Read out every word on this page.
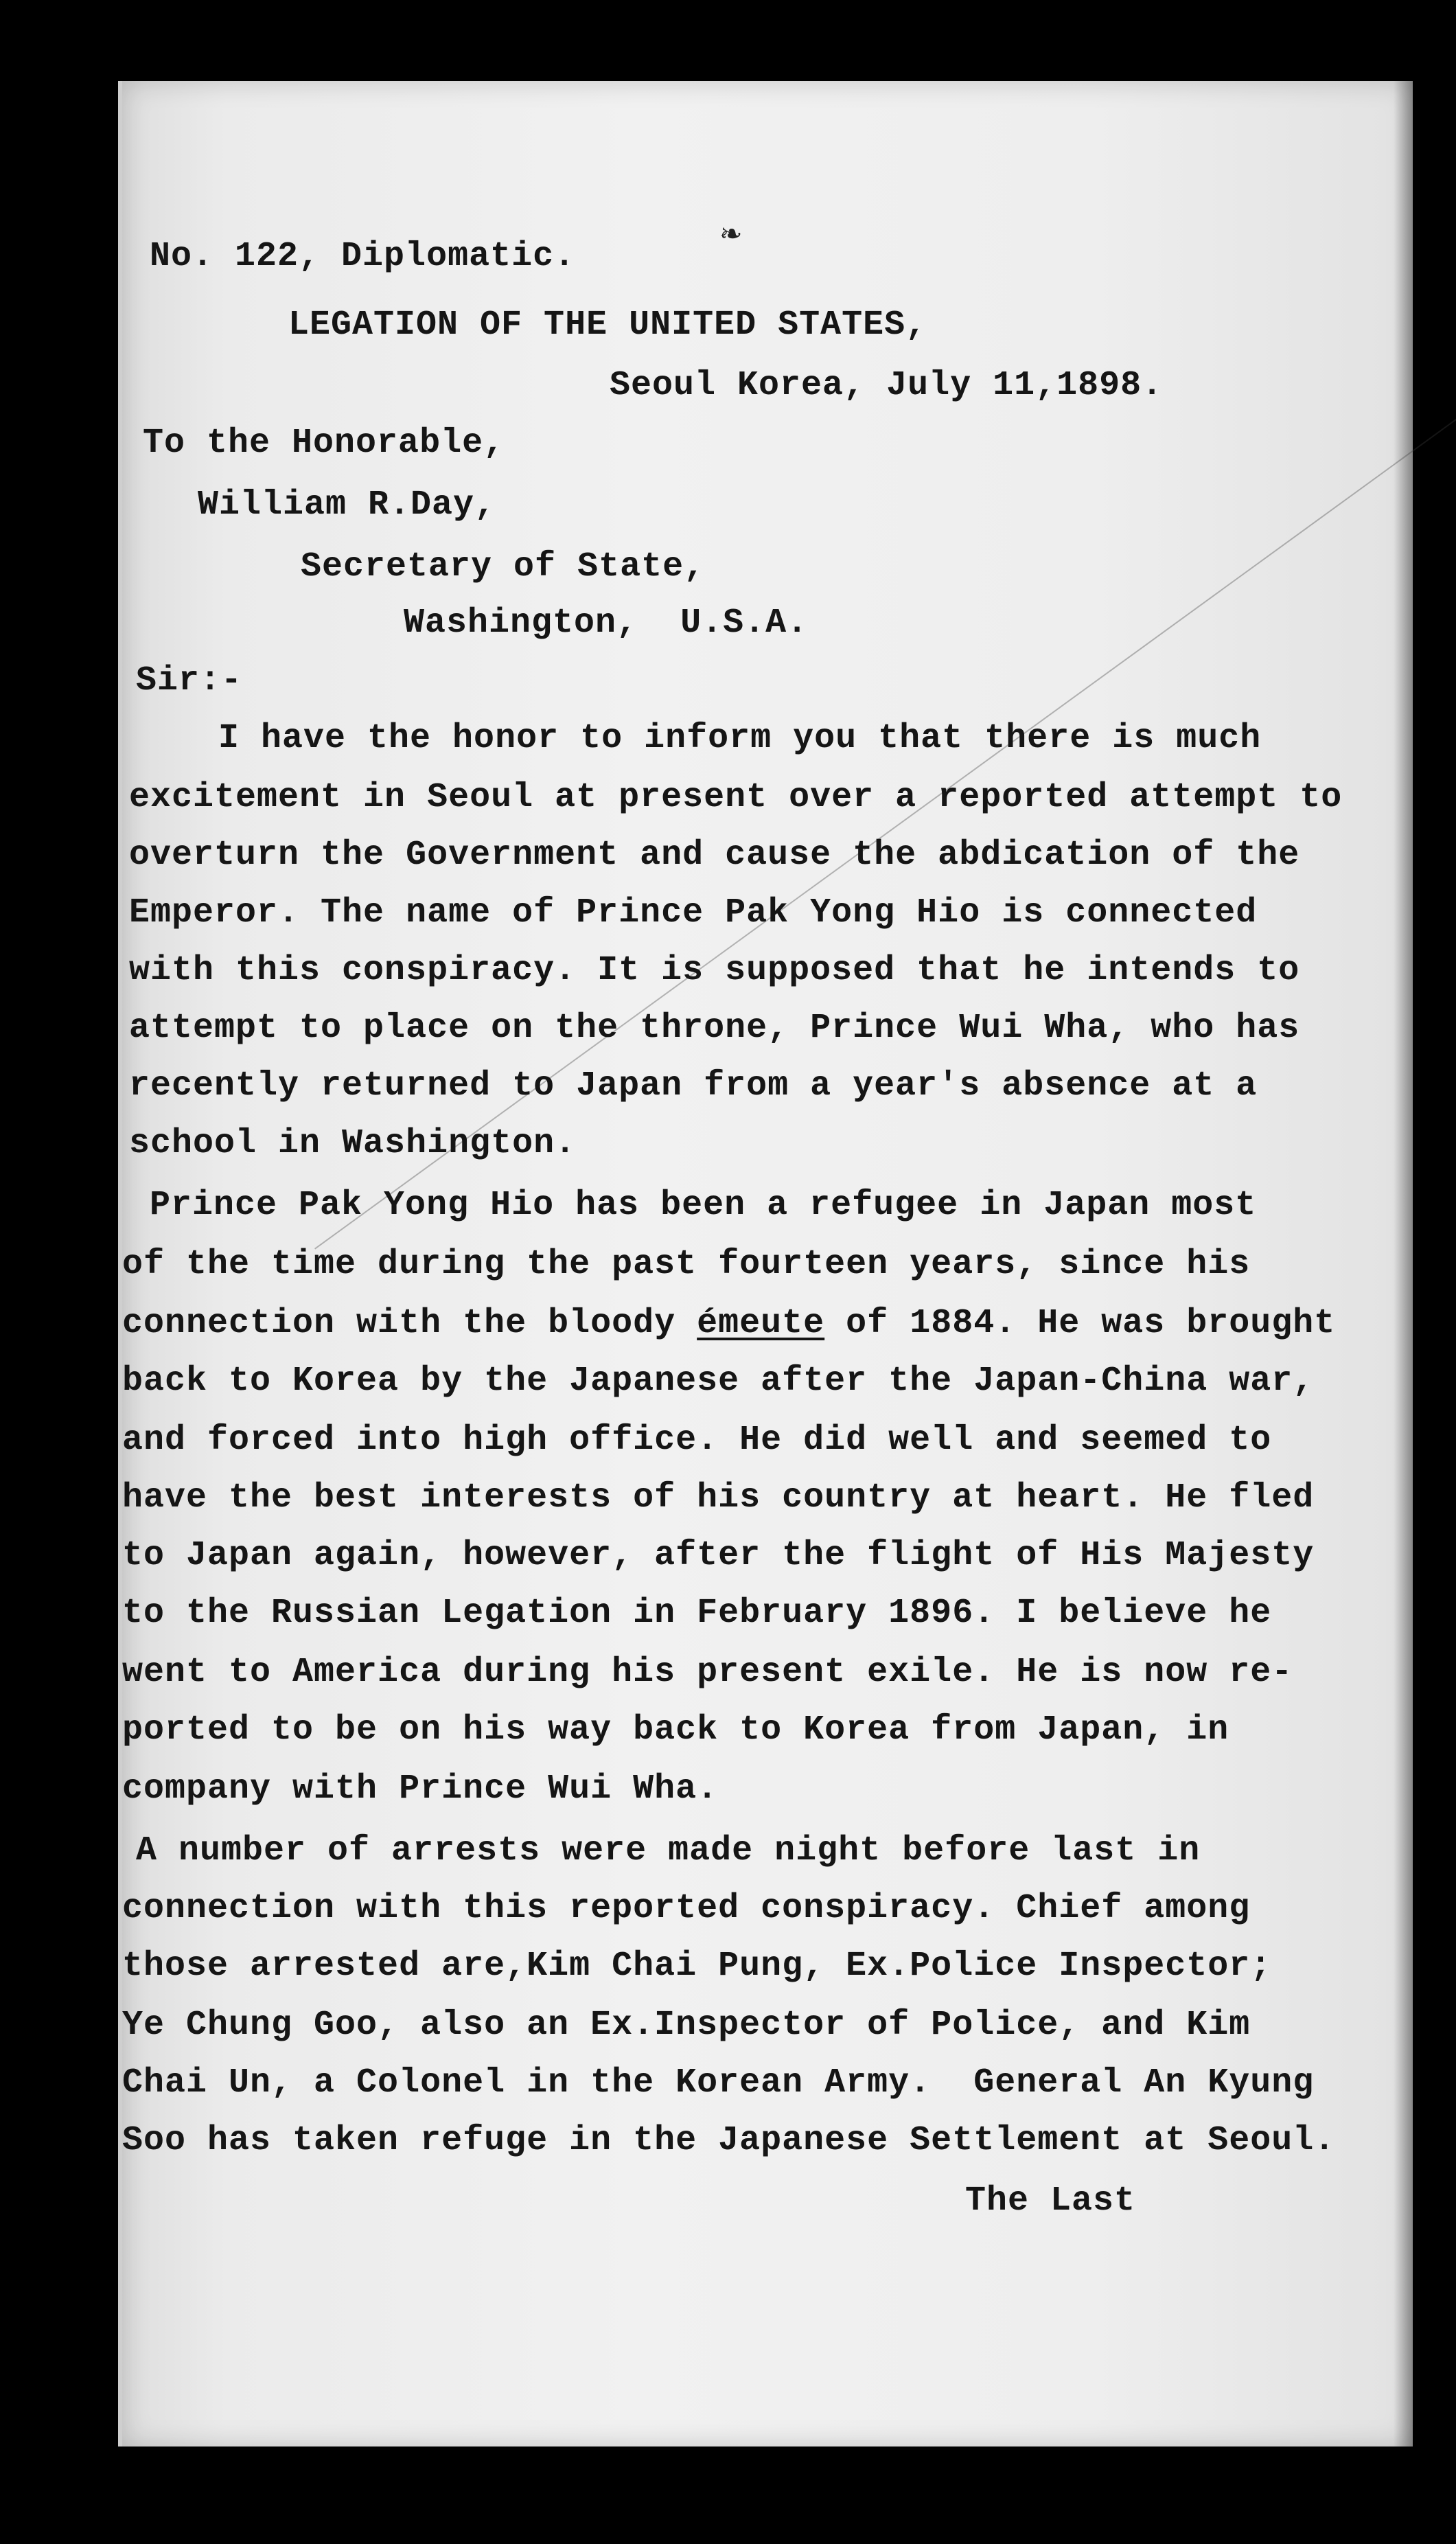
❧
No. 122, Diplomatic.
LEGATION OF THE UNITED STATES,
Seoul Korea, July 11,1898.
To the Honorable,
William R.Day,
Secretary of State,
Washington,  U.S.A.
Sir:-
I have the honor to inform you that there is much
excitement in Seoul at present over a reported attempt to
overturn the Government and cause the abdication of the
Emperor. The name of Prince Pak Yong Hio is connected
with this conspiracy. It is supposed that he intends to
attempt to place on the throne, Prince Wui Wha, who has
recently returned to Japan from a year's absence at a
school in Washington.
Prince Pak Yong Hio has been a refugee in Japan most
of the time during the past fourteen years, since his
connection with the bloody émeute of 1884. He was brought
back to Korea by the Japanese after the Japan-China war,
and forced into high office. He did well and seemed to
have the best interests of his country at heart. He fled
to Japan again, however, after the flight of His Majesty
to the Russian Legation in February 1896. I believe he
went to America during his present exile. He is now re-
ported to be on his way back to Korea from Japan, in
company with Prince Wui Wha.
A number of arrests were made night before last in
connection with this reported conspiracy. Chief among
those arrested are,Kim Chai Pung, Ex.Police Inspector;
Ye Chung Goo, also an Ex.Inspector of Police, and Kim
Chai Un, a Colonel in the Korean Army.  General An Kyung
Soo has taken refuge in the Japanese Settlement at Seoul.
The Last
